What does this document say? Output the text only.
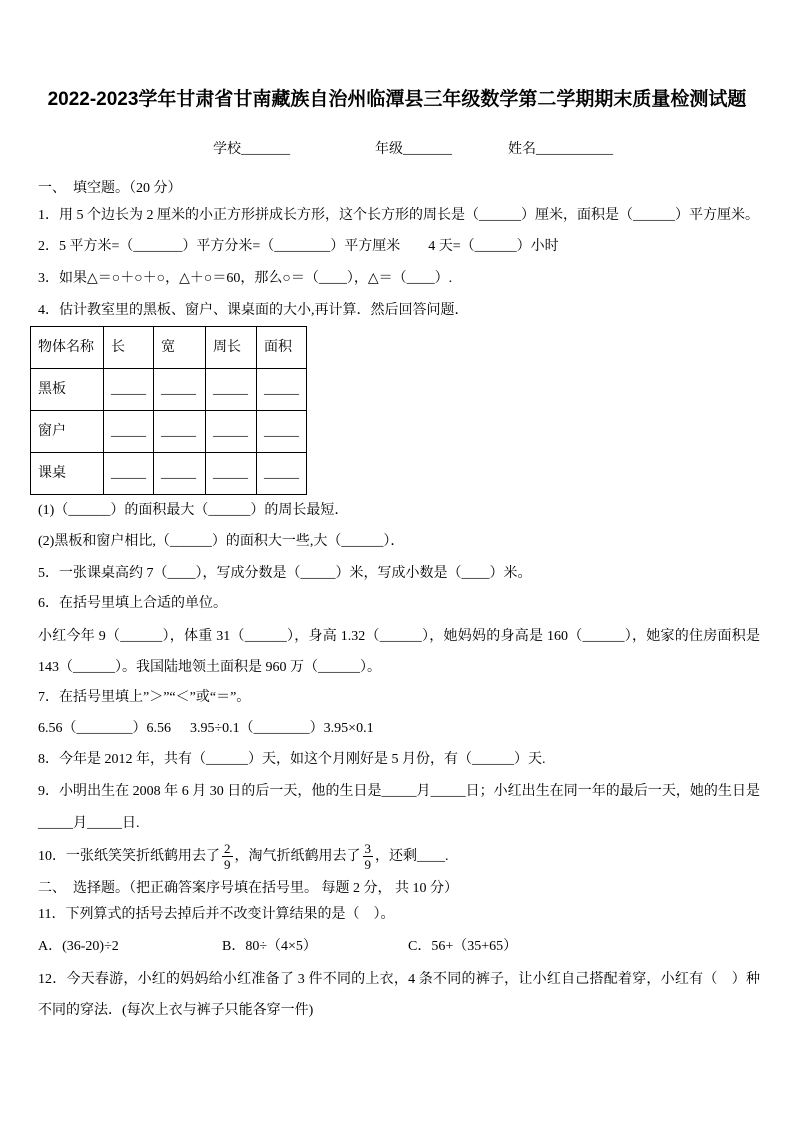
2022-2023学年甘肃省甘南藏族自治州临潭县三年级数学第二学期期末质量检测试题
学校_______	年级_______	姓名___________
一、　填空题。（20 分）
1．用 5 个边长为 2 厘米的小正方形拼成长方形，这个长方形的周长是（______）厘米，面积是（______）平方厘米。
2．5 平方米=（_______）平方分米=（________）平方厘米　　4 天=（______）小时
3．如果△＝○＋○＋○，△＋○＝60，那么○＝（____），△＝（____）.
4．估计教室里的黑板、窗户、课桌面的大小,再计算．然后回答问题．
物体名称	长	宽	周长	面积
黑板	_____	_____	_____	_____
窗户	_____	_____	_____	_____
课桌	_____	_____	_____	_____
(1)（______）的面积最大（______）的周长最短．
(2)黑板和窗户相比,（______）的面积大一些,大（______）．
5．一张课桌高约 7（____），写成分数是（_____）米，写成小数是（____）米。
6．在括号里填上合适的单位。
小红今年 9（______），体重 31（______），身高 1.32（______），她妈妈的身高是 160（______），她家的住房面积是 143（______）。我国陆地领土面积是 960 万（______）。
7．在括号里填上”＞”“＜”或“＝”。
6.56（________）6.56 3.95÷0.1（________）3.95×0.1
8．今年是 2012 年，共有（______）天，如这个月刚好是 5 月份，有（______）天.
9．小明出生在 2008 年 6 月 30 日的后一天，他的生日是_____月_____日；小红出生在同一年的最后一天，她的生日是_____月_____日.
10．一张纸笑笑折纸鹤用去了 $\frac{2}{9}$ ，淘气折纸鹤用去了 $\frac{3}{9}$ ，还剩____.
二、　选择题。（把正确答案序号填在括号里。 每题 2 分， 共 10 分）
11．下列算式的括号去掉后并不改变计算结果的是（　）。
A．(36-20)÷2	B．80÷（4×5）	C．56+（35+65）
12．今天春游，小红的妈妈给小红准备了 3 件不同的上衣，4 条不同的裤子，让小红自己搭配着穿，小红有（　）种不同的穿法．(每次上衣与裤子只能各穿一件)
